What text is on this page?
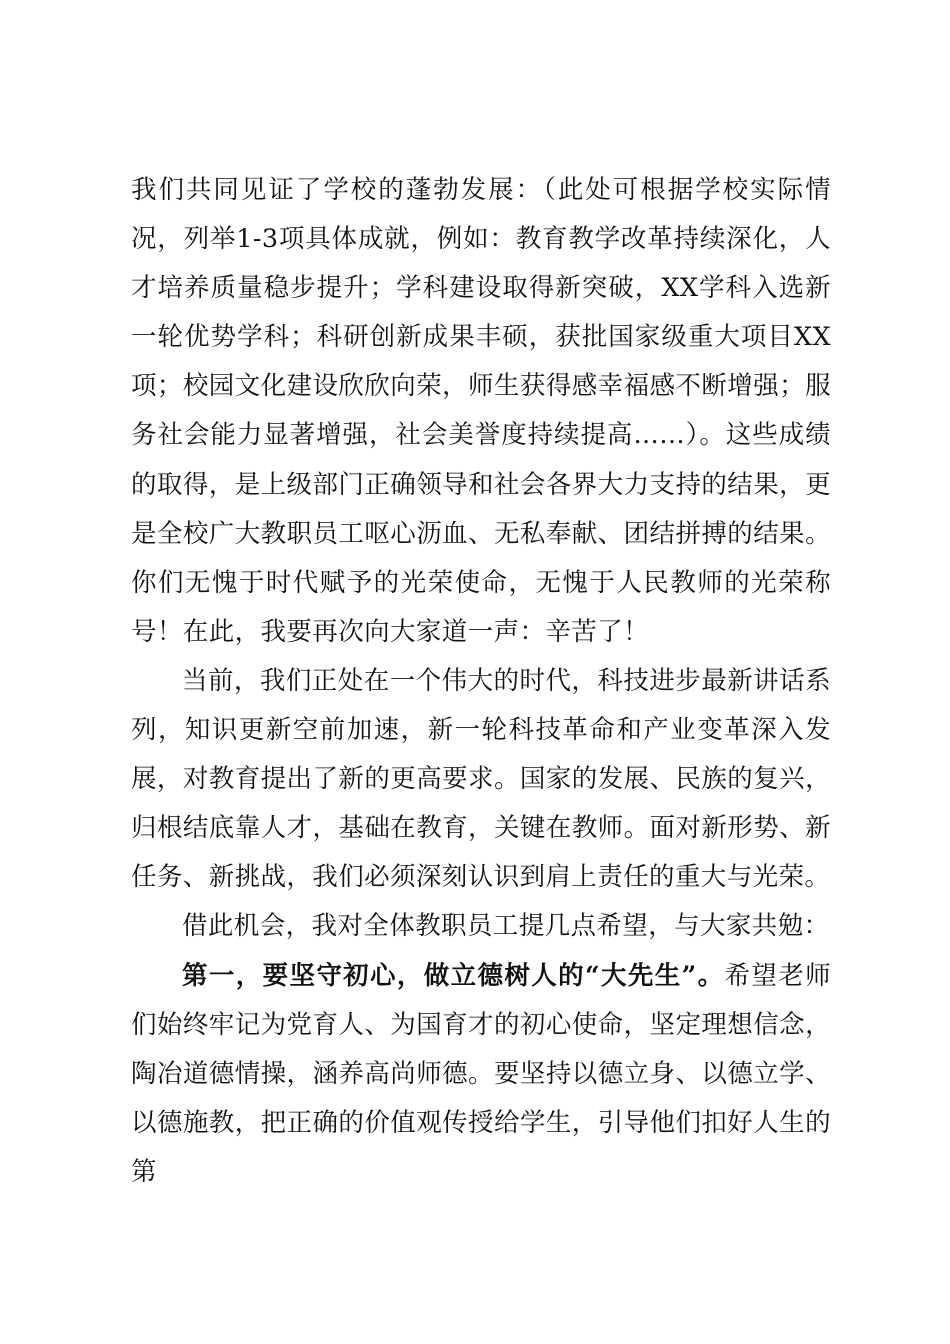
我们共同见证了学校的蓬勃发展：（此处可根据学校实际情况，列举1-3项具体成就，例如：教育教学改革持续深化，人才培养质量稳步提升；学科建设取得新突破，XX学科入选新一轮优势学科；科研创新成果丰硕，获批国家级重大项目XX项；校园文化建设欣欣向荣，师生获得感幸福感不断增强；服务社会能力显著增强，社会美誉度持续提高……）。这些成绩的取得，是上级部门正确领导和社会各界大力支持的结果，更是全校广大教职员工呕心沥血、无私奉献、团结拼搏的结果。你们无愧于时代赋予的光荣使命，无愧于人民教师的光荣称号！在此，我要再次向大家道一声：辛苦了！

当前，我们正处在一个伟大的时代，科技进步最新讲话系列，知识更新空前加速，新一轮科技革命和产业变革深入发展，对教育提出了新的更高要求。国家的发展、民族的复兴，归根结底靠人才，基础在教育，关键在教师。面对新形势、新任务、新挑战，我们必须深刻认识到肩上责任的重大与光荣。

借此机会，我对全体教职员工提几点希望，与大家共勉：

第一，要坚守初心，做立德树人的“大先生”。希望老师们始终牢记为党育人、为国育才的初心使命，坚定理想信念，陶冶道德情操，涵养高尚师德。要坚持以德立身、以德立学、以德施教，把正确的价值观传授给学生，引导他们扣好人生的第
